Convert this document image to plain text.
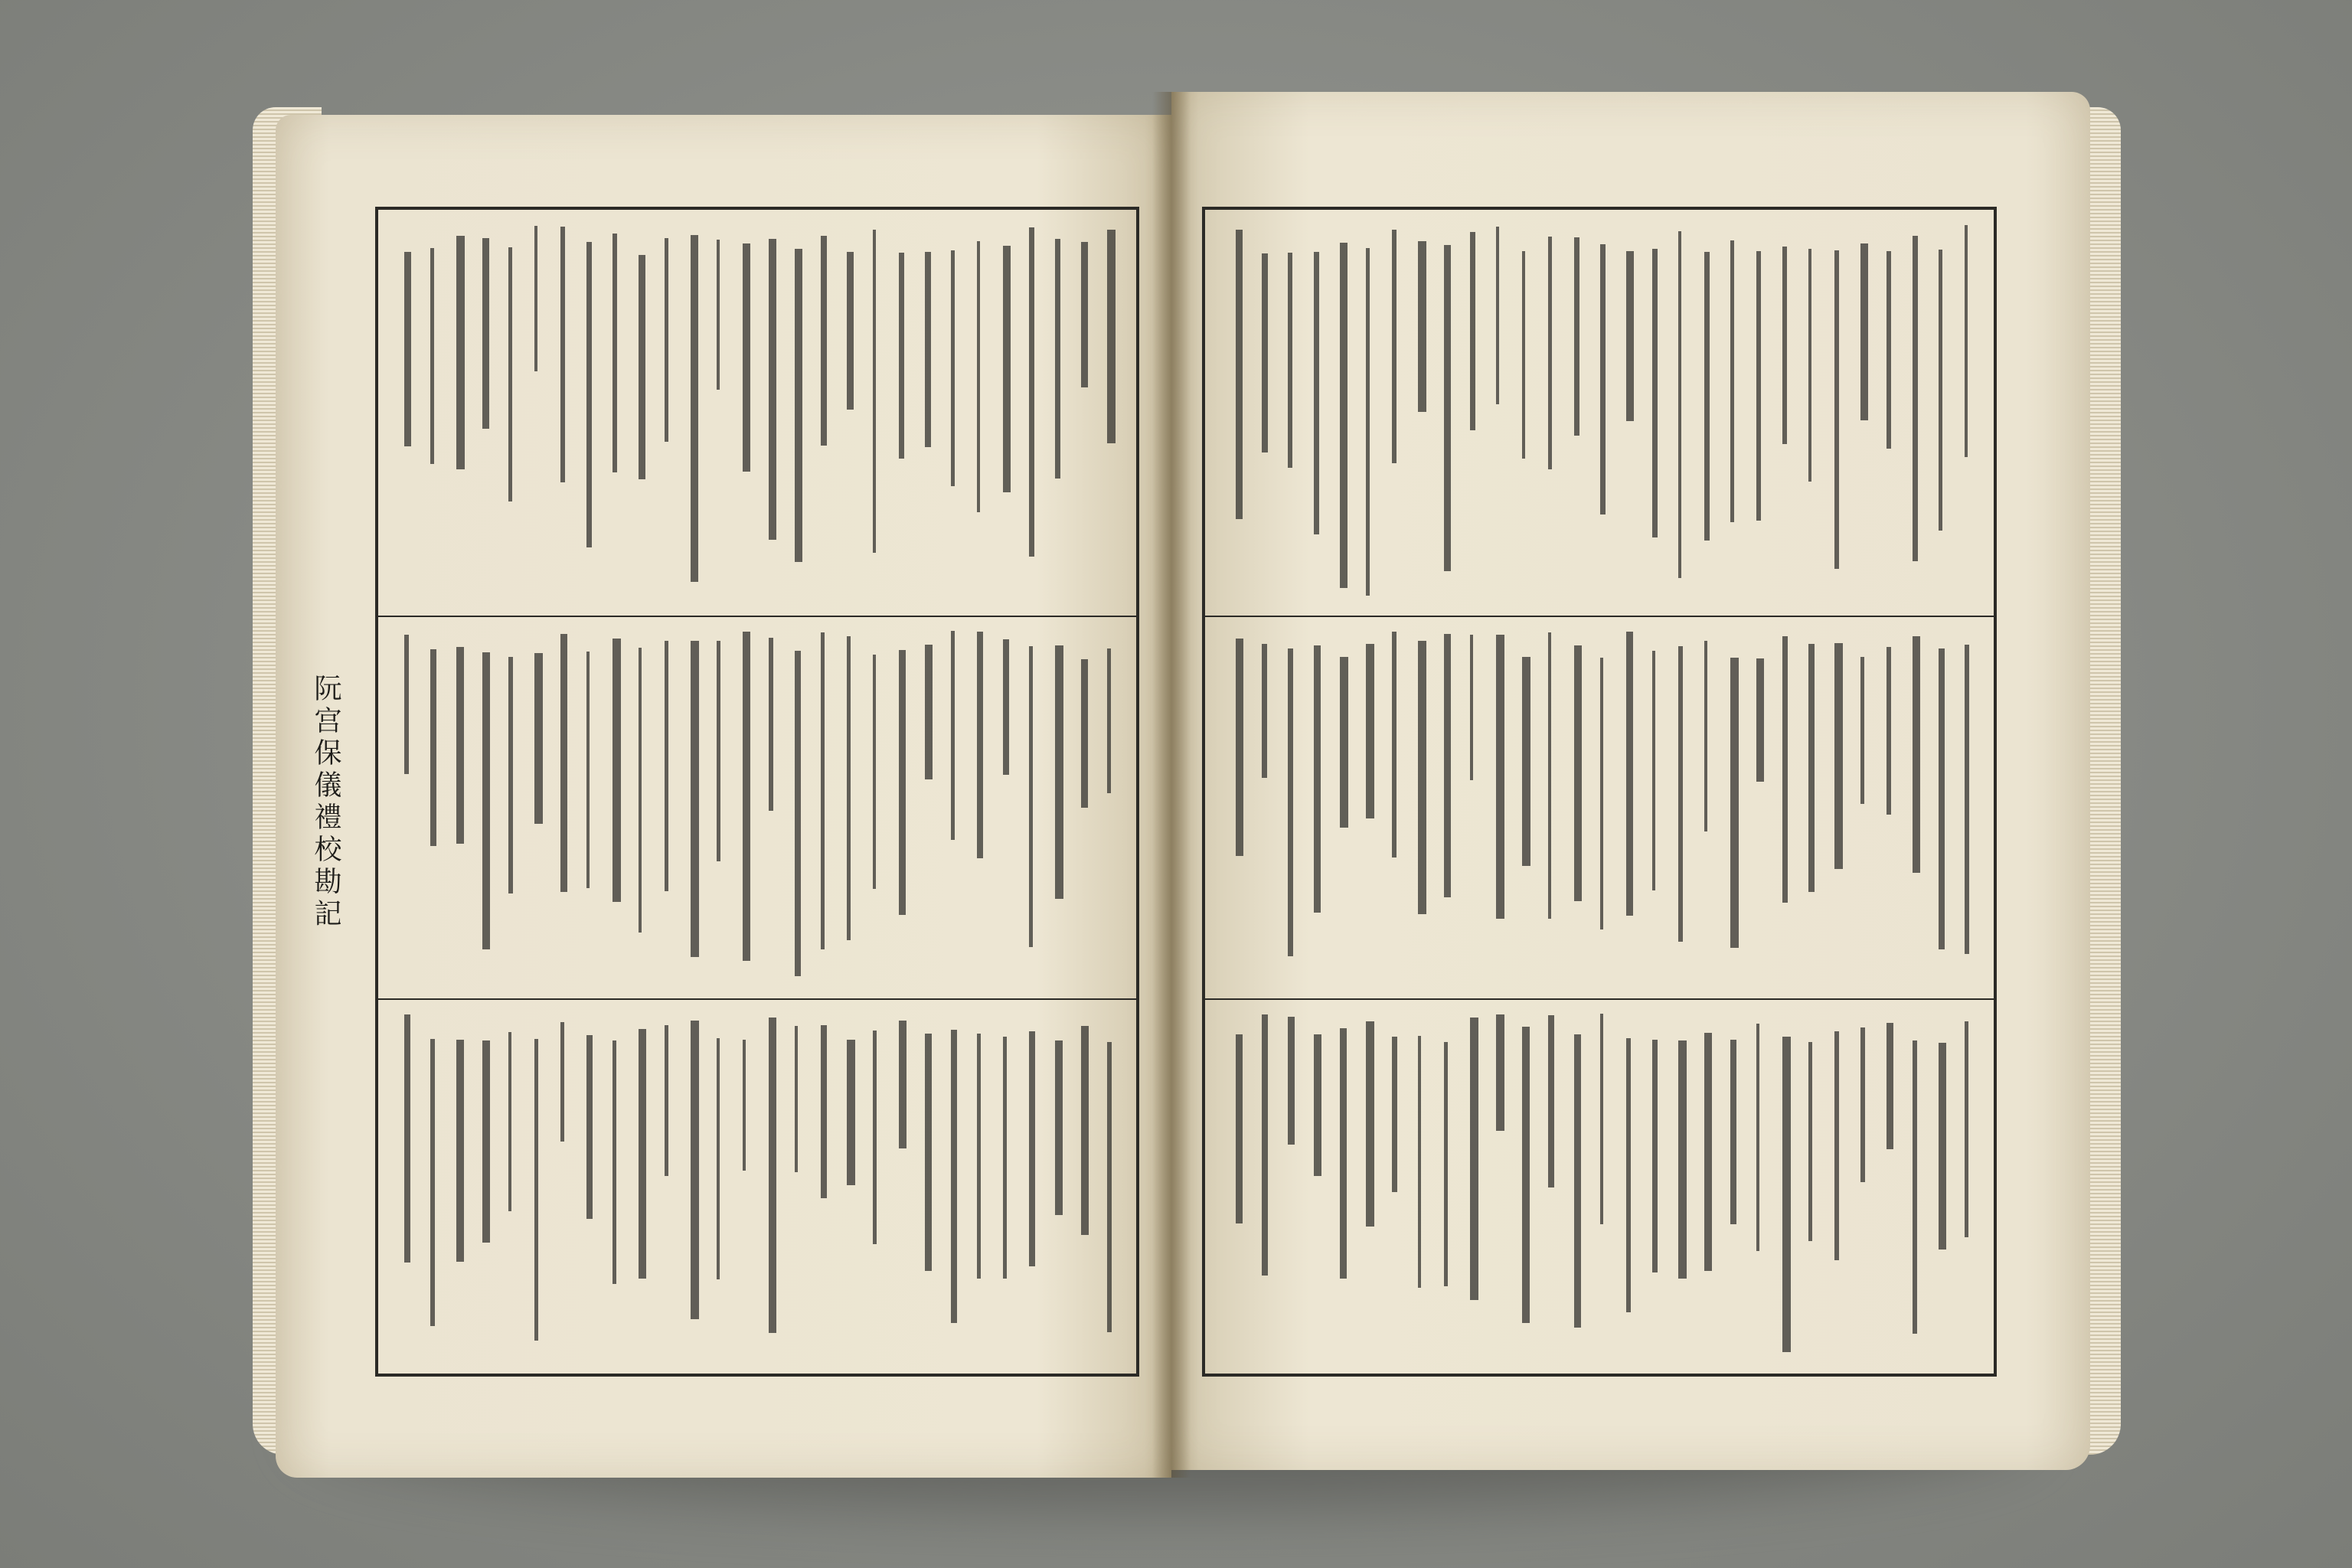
阮宫保儀禮校勘記
